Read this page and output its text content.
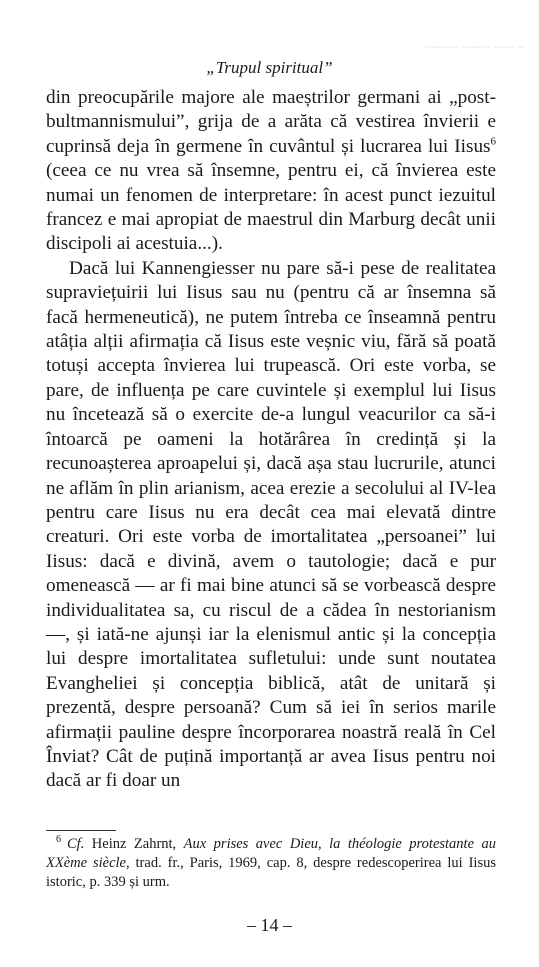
~ ~~~ ~~~~ ~~~~~
„Trupul spiritual”

din preocupările majore ale maeștrilor germani ai „post-bultmannismului”, grija de a arăta că vestirea învierii e cuprinsă deja în germene în cuvântul și lucrarea lui Iisus$^6$ (ceea ce nu vrea să însemne, pentru ei, că învierea este numai un fenomen de interpretare: în acest punct iezuitul francez e mai apropiat de maestrul din Marburg decât unii discipoli ai acestuia...).

Dacă lui Kannengiesser nu pare să-i pese de realitatea supraviețuirii lui Iisus sau nu (pentru că ar însemna să facă hermeneutică), ne putem întreba ce înseamnă pentru atâția alții afirmația că Iisus este veșnic viu, fără să poată totuși accepta învierea lui trupească. Ori este vorba, se pare, de influența pe care cuvintele și exemplul lui Iisus nu încetează să o exercite de-a lungul veacurilor ca să-i întoarcă pe oameni la hotărârea în credință și la recunoașterea aproapelui și, dacă așa stau lucrurile, atunci ne aflăm în plin arianism, acea erezie a secolului al IV-lea pentru care Iisus nu era decât cea mai elevată dintre creaturi. Ori este vorba de imortalitatea „persoanei” lui Iisus: dacă e divină, avem o tautologie; dacă e pur omenească — ar fi mai bine atunci să se vorbească despre individualitatea sa, cu riscul de a cădea în nestorianism —, și iată-ne ajunși iar la elenismul antic și la concepția lui despre imortalitatea sufletului: unde sunt noutatea Evangheliei și concepția biblică, atât de unitară și prezentă, despre persoană? Cum să iei în serios marile afirmații pauline despre încorporarea noastră reală în Cel Înviat? Cât de puțină importanță ar avea Iisus pentru noi dacă ar fi doar un

$^6$ Cf. Heinz Zahrnt, Aux prises avec Dieu, la théologie protestante au XXème siècle, trad. fr., Paris, 1969, cap. 8, despre redescoperirea lui Iisus istoric, p. 339 și urm.
– 14 –
